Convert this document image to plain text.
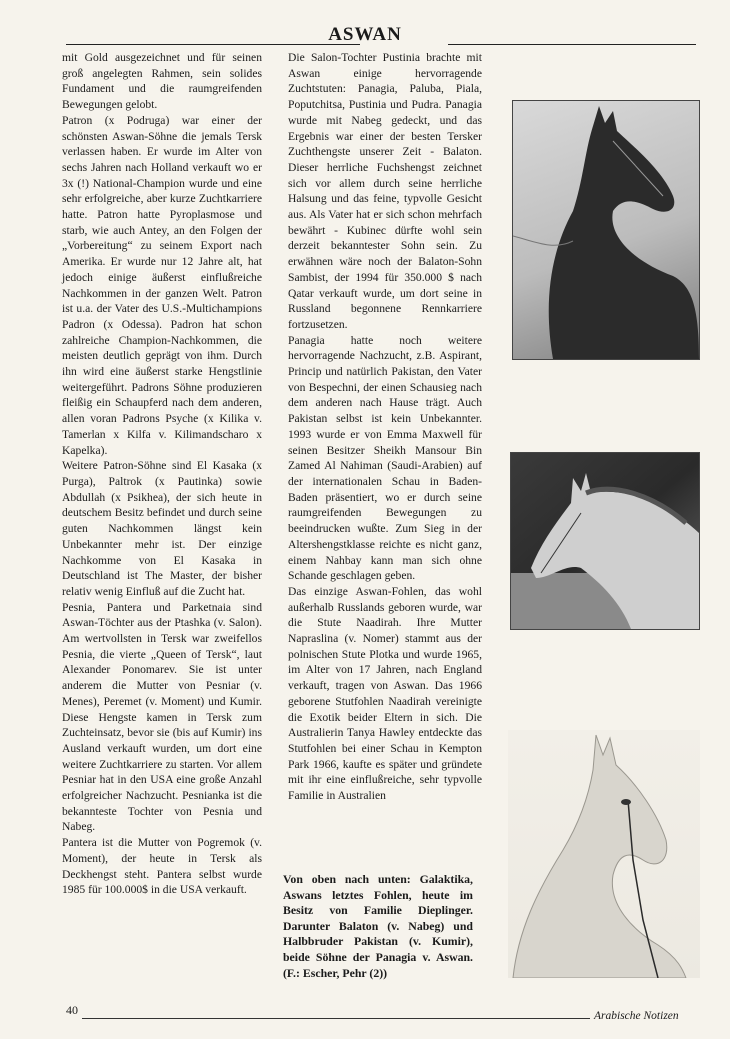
ASWAN

mit Gold ausgezeichnet und für seinen groß angelegten Rahmen, sein solides Fundament und die raumgreifenden Bewegungen gelobt.

Patron (x Podruga) war einer der schönsten Aswan-Söhne die jemals Tersk verlassen haben. Er wurde im Alter von sechs Jahren nach Holland verkauft wo er 3x (!) National-Champion wurde und eine sehr erfolgreiche, aber kurze Zuchtkarriere hatte. Patron hatte Pyroplasmose und starb, wie auch Antey, an den Folgen der „Vorbereitung“ zu seinem Export nach Amerika. Er wurde nur 12 Jahre alt, hat jedoch einige äußerst einflußreiche Nachkommen in der ganzen Welt. Patron ist u.a. der Vater des U.S.-Multichampions Padron (x Odessa). Padron hat schon zahlreiche Champion-Nachkommen, die meisten deutlich geprägt von ihm. Durch ihn wird eine äußerst starke Hengstlinie weitergeführt. Padrons Söhne produzieren fleißig ein Schaupferd nach dem anderen, allen voran Padrons Psyche (x Kilika v. Tamerlan x Kilfa v. Kilimandscharo x Kapelka).

Weitere Patron-Söhne sind El Kasaka (x Purga), Paltrok (x Pautinka) sowie Abdullah (x Psikhea), der sich heute in deutschem Besitz befindet und durch seine guten Nachkommen längst kein Unbekannter mehr ist. Der einzige Nachkomme von El Kasaka in Deutschland ist The Master, der bisher relativ wenig Einfluß auf die Zucht hat.

Pesnia, Pantera und Parketnaia sind Aswan-Töchter aus der Ptashka (v. Salon). Am wertvollsten in Tersk war zweifellos Pesnia, die vierte „Queen of Tersk“, laut Alexander Ponomarev. Sie ist unter anderem die Mutter von Pesniar (v. Menes), Peremet (v. Moment) und Kumir. Diese Hengste kamen in Tersk zum Zuchteinsatz, bevor sie (bis auf Kumir) ins Ausland verkauft wurden, um dort eine weitere Zuchtkarriere zu starten. Vor allem Pesniar hat in den USA eine große Anzahl erfolgreicher Nachzucht. Pesnianka ist die bekannteste Tochter von Pesnia und Nabeg.

Pantera ist die Mutter von Pogremok (v. Moment), der heute in Tersk als Deckhengst steht. Pantera selbst wurde 1985 für 100.000$ in die USA verkauft.

Die Salon-Tochter Pustinia brachte mit Aswan einige hervorragende Zuchtstuten: Panagia, Paluba, Piala, Poputchitsa, Pustinia und Pudra. Panagia wurde mit Nabeg gedeckt, und das Ergebnis war einer der besten Tersker Zuchthengste unserer Zeit - Balaton. Dieser herrliche Fuchshengst zeichnet sich vor allem durch seine herrliche Halsung und das feine, typvolle Gesicht aus. Als Vater hat er sich schon mehrfach bewährt - Kubinec dürfte wohl sein derzeit bekanntester Sohn sein. Zu erwähnen wäre noch der Balaton-Sohn Sambist, der 1994 für 350.000 $ nach Qatar verkauft wurde, um dort seine in Russland begonnene Rennkarriere fortzusetzen.

Panagia hatte noch weitere hervorragende Nachzucht, z.B. Aspirant, Princip und natürlich Pakistan, den Vater von Bespechni, der einen Schausieg nach dem anderen nach Hause trägt. Auch Pakistan selbst ist kein Unbekannter. 1993 wurde er von Emma Maxwell für seinen Besitzer Sheikh Mansour Bin Zamed Al Nahiman (Saudi-Arabien) auf der internationalen Schau in Baden-Baden präsentiert, wo er durch seine raumgreifenden Bewegungen zu beeindrucken wußte. Zum Sieg in der Altershengstklasse reichte es nicht ganz, einem Nahbay kann man sich ohne Schande geschlagen geben.

Das einzige Aswan-Fohlen, das wohl außerhalb Russlands geboren wurde, war die Stute Naadirah. Ihre Mutter Napraslina (v. Nomer) stammt aus der polnischen Stute Plotka und wurde 1965, im Alter von 17 Jahren, nach England verkauft, tragen von Aswan. Das 1966 geborene Stutfohlen Naadirah vereinigte die Exotik beider Eltern in sich. Die Australierin Tanya Hawley entdeckte das Stutfohlen bei einer Schau in Kempton Park 1966, kaufte es später und gründete mit ihr eine einflußreiche, sehr typvolle Familie in Australien

Von oben nach unten: Galaktika, Aswans letztes Fohlen, heute im Besitz von Familie Dieplinger. Darunter Balaton (v. Nabeg) und Halbbruder Pakistan (v. Kumir), beide Söhne der Panagia v. Aswan. (F.: Escher, Pehr (2))
40	Arabische Notizen
